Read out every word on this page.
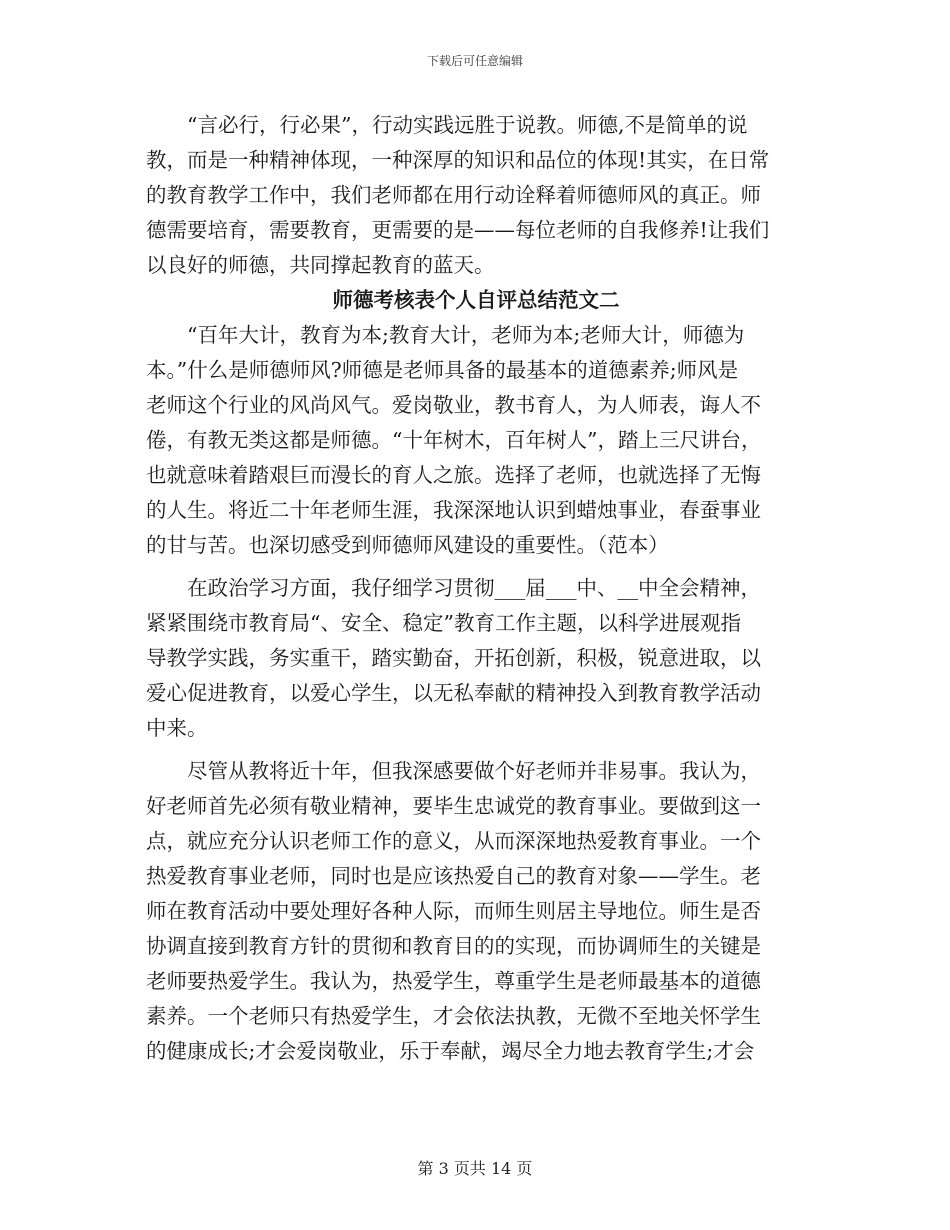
下载后可任意编辑
“言必行，行必果”，行动实践远胜于说教。师德,不是简单的说
教，而是一种精神体现，一种深厚的知识和品位的体现!其实，在日常
的教育教学工作中，我们老师都在用行动诠释着师德师风的真正。师
德需要培育，需要教育，更需要的是——每位老师的自我修养!让我们
以良好的师德，共同撑起教育的蓝天。
师德考核表个人自评总结范文二
“百年大计，教育为本;教育大计，老师为本;老师大计，师德为
本。”什么是师德师风?师德是老师具备的最基本的道德素养;师风是
老师这个行业的风尚风气。爱岗敬业，教书育人，为人师表，诲人不
倦，有教无类这都是师德。“十年树木，百年树人”，踏上三尺讲台，
也就意味着踏艰巨而漫长的育人之旅。选择了老师，也就选择了无悔
的人生。将近二十年老师生涯，我深深地认识到蜡烛事业，春蚕事业
的甘与苦。也深切感受到师德师风建设的重要性。（范本）
在政治学习方面，我仔细学习贯彻___届___中、__中全会精神，
紧紧围绕市教育局“、安全、稳定”教育工作主题，以科学进展观指
导教学实践，务实重干，踏实勤奋，开拓创新，积极，锐意进取，以
爱心促进教育，以爱心学生，以无私奉献的精神投入到教育教学活动
中来。
尽管从教将近十年，但我深感要做个好老师并非易事。我认为，
好老师首先必须有敬业精神，要毕生忠诚党的教育事业。要做到这一
点，就应充分认识老师工作的意义，从而深深地热爱教育事业。一个
热爱教育事业老师，同时也是应该热爱自己的教育对象——学生。老
师在教育活动中要处理好各种人际，而师生则居主导地位。师生是否
协调直接到教育方针的贯彻和教育目的的实现，而协调师生的关键是
老师要热爱学生。我认为，热爱学生，尊重学生是老师最基本的道德
素养。一个老师只有热爱学生，才会依法执教，无微不至地关怀学生
的健康成长;才会爱岗敬业，乐于奉献，竭尽全力地去教育学生;才会
第 3 页共 14 页
